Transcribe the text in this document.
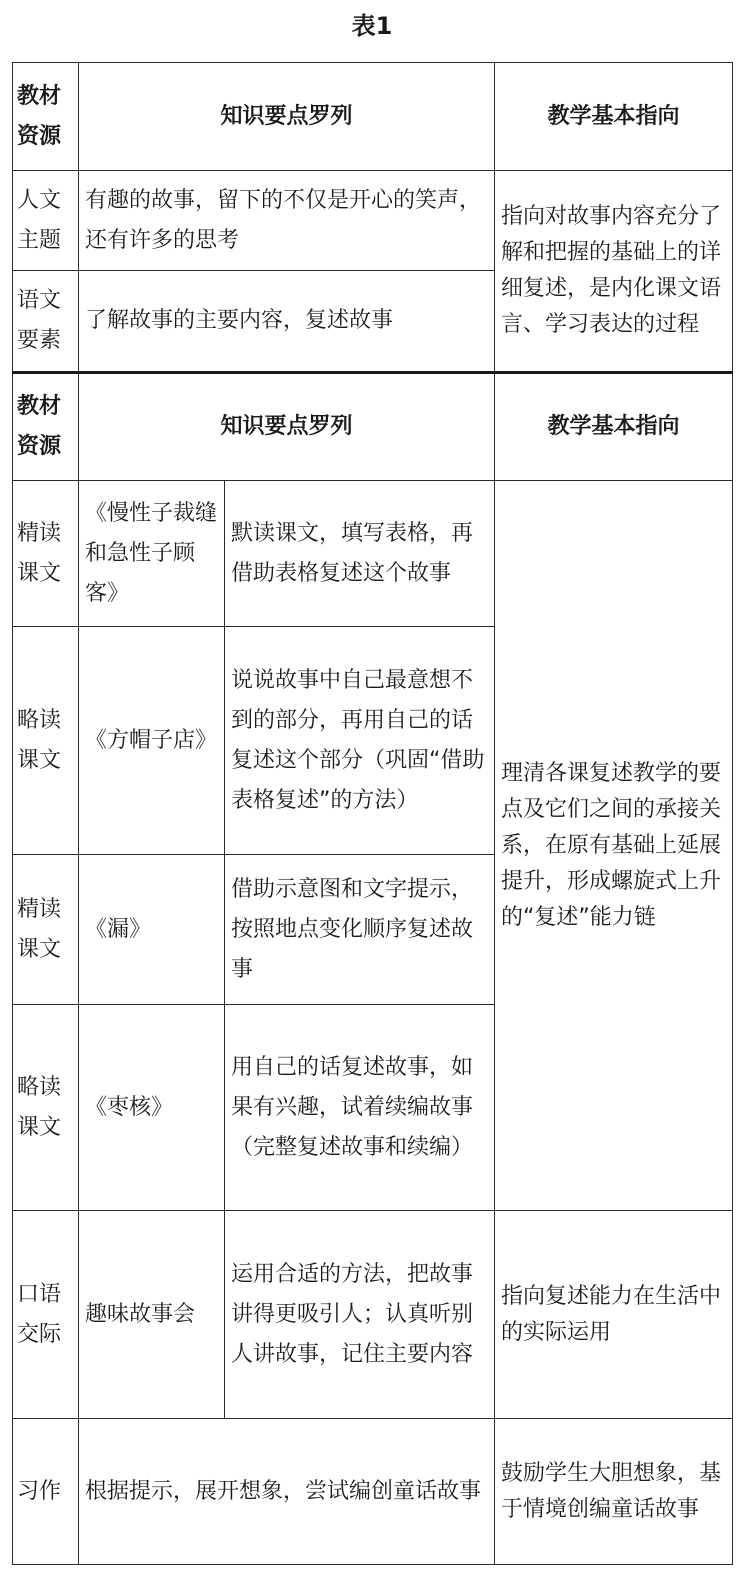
表1
教材资源	知识要点罗列		教学基本指向
人文主题	有趣的故事，留下的不仅是开心的笑声，还有许多的思考		指向对故事内容充分了解和把握的基础上的详细复述，是内化课文语言、学习表达的过程
语文要素	了解故事的主要内容，复述故事		
教材资源	知识要点罗列		教学基本指向
精读课文	《慢性子裁缝和急性子顾客》	默读课文，填写表格，再借助表格复述这个故事	理清各课复述教学的要点及它们之间的承接关系，在原有基础上延展提升，形成螺旋式上升的“复述”能力链
略读课文	《方帽子店》	说说故事中自己最意想不到的部分，再用自己的话复述这个部分（巩固“借助表格复述”的方法）	
精读课文	《漏》	借助示意图和文字提示，按照地点变化顺序复述故事	
略读课文	《枣核》	用自己的话复述故事，如果有兴趣，试着续编故事（完整复述故事和续编）	
口语交际	趣味故事会	运用合适的方法，把故事讲得更吸引人；认真听别人讲故事，记住主要内容	指向复述能力在生活中的实际运用
习作	根据提示，展开想象，尝试编创童话故事		鼓励学生大胆想象，基于情境创编童话故事
